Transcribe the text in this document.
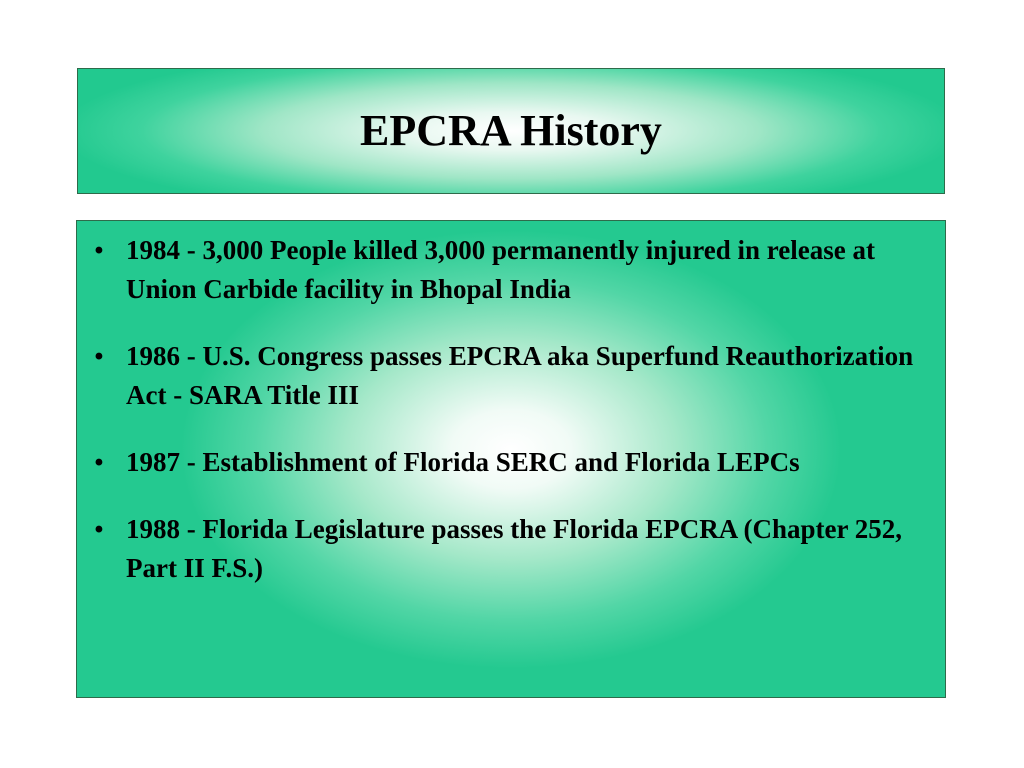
EPCRA History
• 1984 - 3,000 People killed 3,000 permanently injured in release at Union Carbide facility in Bhopal India
• 1986 - U.S. Congress passes EPCRA aka Superfund Reauthorization Act - SARA Title III
• 1987 - Establishment of Florida SERC and Florida LEPCs
• 1988 - Florida Legislature passes the Florida EPCRA (Chapter 252, Part II F.S.)
